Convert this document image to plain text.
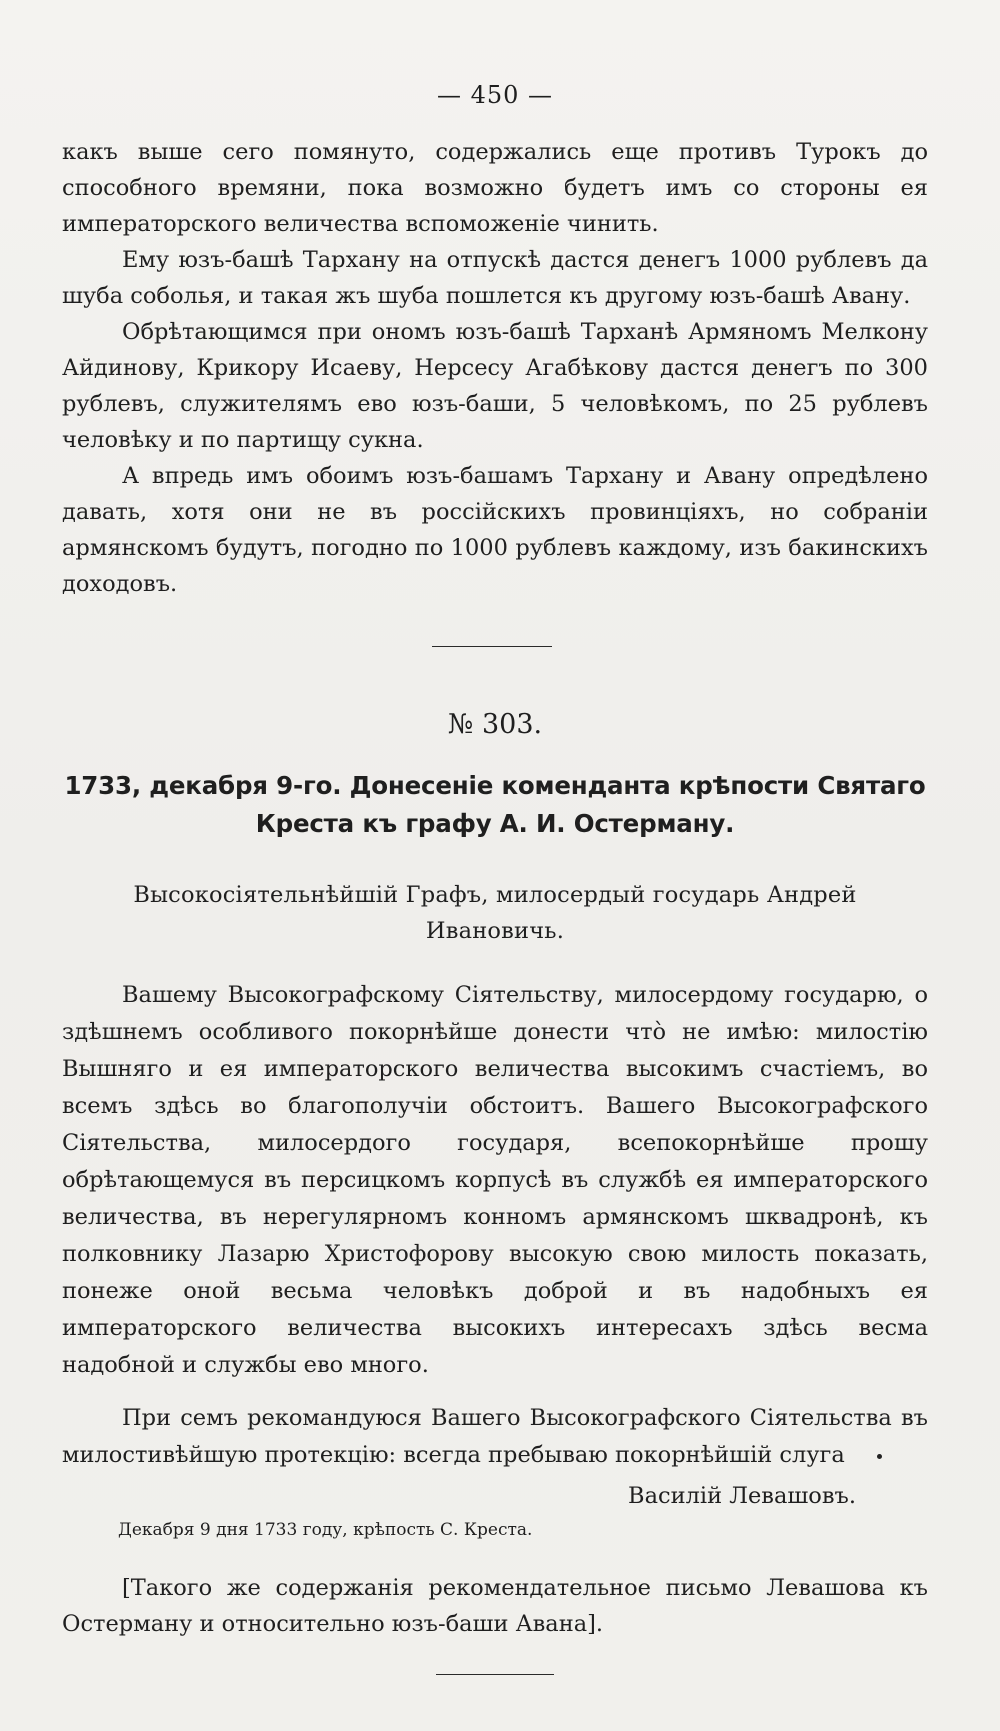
— 450 —

какъ выше сего помянуто, содержались еще противъ Турокъ до способного времяни, пока возможно будетъ имъ со стороны ея императорского величества вспоможеніе чинить.

Ему юзъ-башѣ Тархану на отпускѣ дастся денегъ 1000 рублевъ да шуба соболья, и такая жъ шуба пошлется къ другому юзъ-башѣ Авану.

Обрѣтающимся при ономъ юзъ-башѣ Тарханѣ Армяномъ Мелкону Айдинову, Крикору Исаеву, Нерсесу Агабѣкову дастся денегъ по 300 рублевъ, служителямъ ево юзъ-баши, 5 человѣкомъ, по 25 рублевъ человѣку и по партищу сукна.

А впредь имъ обоимъ юзъ-башамъ Тархану и Авану опредѣлено давать, хотя они не въ россійскихъ провинціяхъ, но собраніи армянскомъ будутъ, погодно по 1000 рублевъ каждому, изъ бакинскихъ доходовъ.

№ 303.
1733, декабря 9-го. Донесеніе коменданта крѣпости Святаго Креста къ графу А. И. Остерману.
Высокосіятельнѣйшій Графъ, милосердый государь Андрей Ивановичь.

Вашему Высокографскому Сіятельству, милосердому государю, о здѣшнемъ особливого покорнѣйше донести что̀ не имѣю: милостію Вышняго и ея императорского величества высокимъ счастіемъ, во всемъ здѣсь во благополучіи обстоитъ. Вашего Высокографского Сіятельства, милосердого государя, всепокорнѣйше прошу обрѣтающемуся въ персицкомъ корпусѣ въ службѣ ея императорского величества, въ нерегулярномъ конномъ армянскомъ шквадронѣ, къ полковнику Лазарю Христофорову высокую свою милость показать, понеже оной весьма человѣкъ доброй и въ надобныхъ ея императорского величества высокихъ интересахъ здѣсь весма надобной и службы ево много.

При семъ рекомандуюся Вашего Высокографского Сіятельства въ милостивѣйшую протекцію: всегда пребываю покорнѣйшій слуга

Василій Левашовъ.
Декабря 9 дня 1733 году, крѣпость С. Креста.

[Такого же содержанія рекомендательное письмо Левашова къ Остерману и относительно юзъ-баши Авана].
